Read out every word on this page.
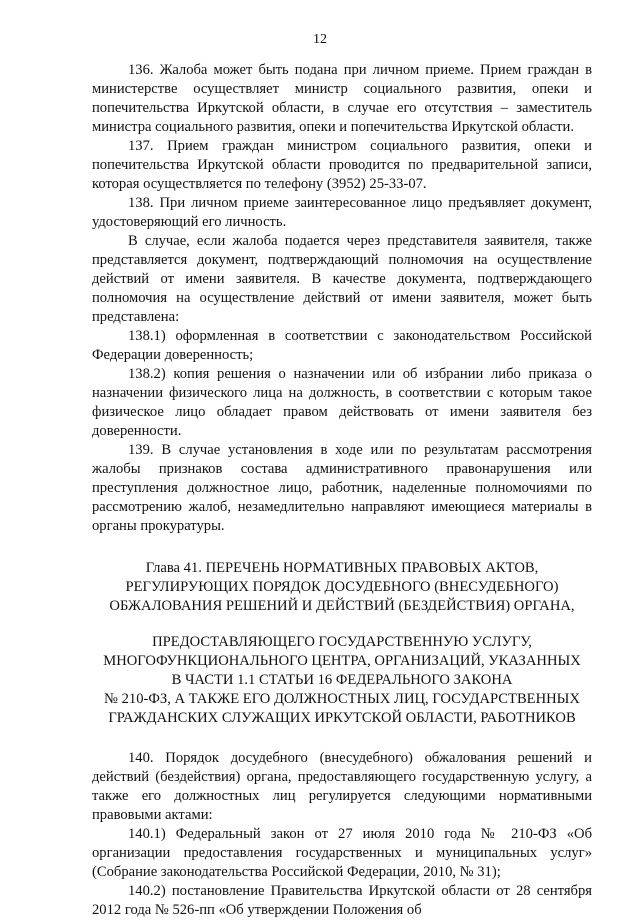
12

136. Жалоба может быть подана при личном приеме. Прием граждан в министерстве осуществляет министр социального развития, опеки и попечительства Иркутской области, в случае его отсутствия – заместитель министра социального развития, опеки и попечительства Иркутской области.

137. Прием граждан министром социального развития, опеки и попечительства Иркутской области проводится по предварительной записи, которая осуществляется по телефону (3952) 25-33-07.

138. При личном приеме заинтересованное лицо предъявляет документ, удостоверяющий его личность.

В случае, если жалоба подается через представителя заявителя, также представляется документ, подтверждающий полномочия на осуществление действий от имени заявителя. В качестве документа, подтверждающего полномочия на осуществление действий от имени заявителя, может быть представлена:

138.1) оформленная в соответствии с законодательством Российской Федерации доверенность;

138.2) копия решения о назначении или об избрании либо приказа о назначении физического лица на должность, в соответствии с которым такое физическое лицо обладает правом действовать от имени заявителя без доверенности.

139. В случае установления в ходе или по результатам рассмотрения жалобы признаков состава административного правонарушения или преступления должностное лицо, работник, наделенные полномочиями по рассмотрению жалоб, незамедлительно направляют имеющиеся материалы в органы прокуратуры.

Глава 41. ПЕРЕЧЕНЬ НОРМАТИВНЫХ ПРАВОВЫХ АКТОВ,
РЕГУЛИРУЮЩИХ ПОРЯДОК ДОСУДЕБНОГО (ВНЕСУДЕБНОГО)
ОБЖАЛОВАНИЯ РЕШЕНИЙ И ДЕЙСТВИЙ (БЕЗДЕЙСТВИЯ) ОРГАНА,
ПРЕДОСТАВЛЯЮЩЕГО ГОСУДАРСТВЕННУЮ УСЛУГУ,
МНОГОФУНКЦИОНАЛЬНОГО ЦЕНТРА, ОРГАНИЗАЦИЙ, УКАЗАННЫХ
В ЧАСТИ 1.1 СТАТЬИ 16 ФЕДЕРАЛЬНОГО ЗАКОНА
№ 210-ФЗ, А ТАКЖЕ ЕГО ДОЛЖНОСТНЫХ ЛИЦ, ГОСУДАРСТВЕННЫХ
ГРАЖДАНСКИХ СЛУЖАЩИХ ИРКУТСКОЙ ОБЛАСТИ, РАБОТНИКОВ

140. Порядок досудебного (внесудебного) обжалования решений и действий (бездействия) органа, предоставляющего государственную услугу, а также его должностных лиц регулируется следующими нормативными правовыми актами:

140.1) Федеральный закон от 27 июля 2010 года № 210-ФЗ «Об организации предоставления государственных и муниципальных услуг» (Собрание законодательства Российской Федерации, 2010, № 31);

140.2) постановление Правительства Иркутской области от 28 сентября 2012 года № 526-пп «Об утверждении Положения об
